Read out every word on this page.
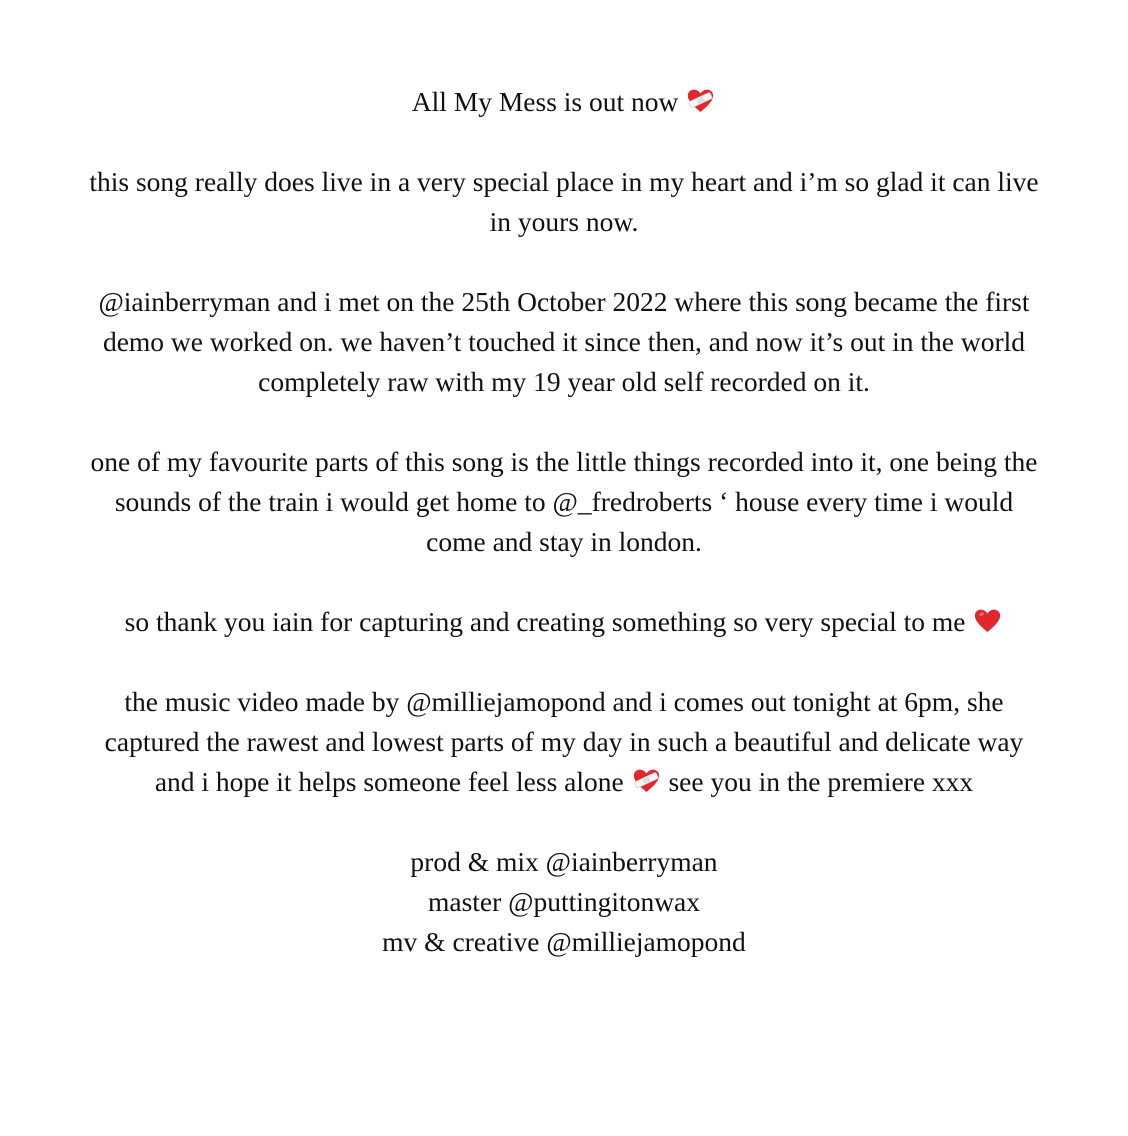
All My Mess is out now

this song really does live in a very special place in my heart and i’m so glad it can live in yours now.

@iainberryman and i met on the 25th October 2022 where this song became the first demo we worked on. we haven’t touched it since then, and now it’s out in the world completely raw with my 19 year old self recorded on it.

one of my favourite parts of this song is the little things recorded into it, one being the sounds of the train i would get home to @_fredroberts ‘ house every time i would come and stay in london.

so thank you iain for capturing and creating something so very special to me

the music video made by @milliejamopond and i comes out tonight at 6pm, she captured the rawest and lowest parts of my day in such a beautiful and delicate way and i hope it helps someone feel less alone see you in the premiere xxx

prod & mix @iainberryman

master @puttingitonwax

mv & creative @milliejamopond
